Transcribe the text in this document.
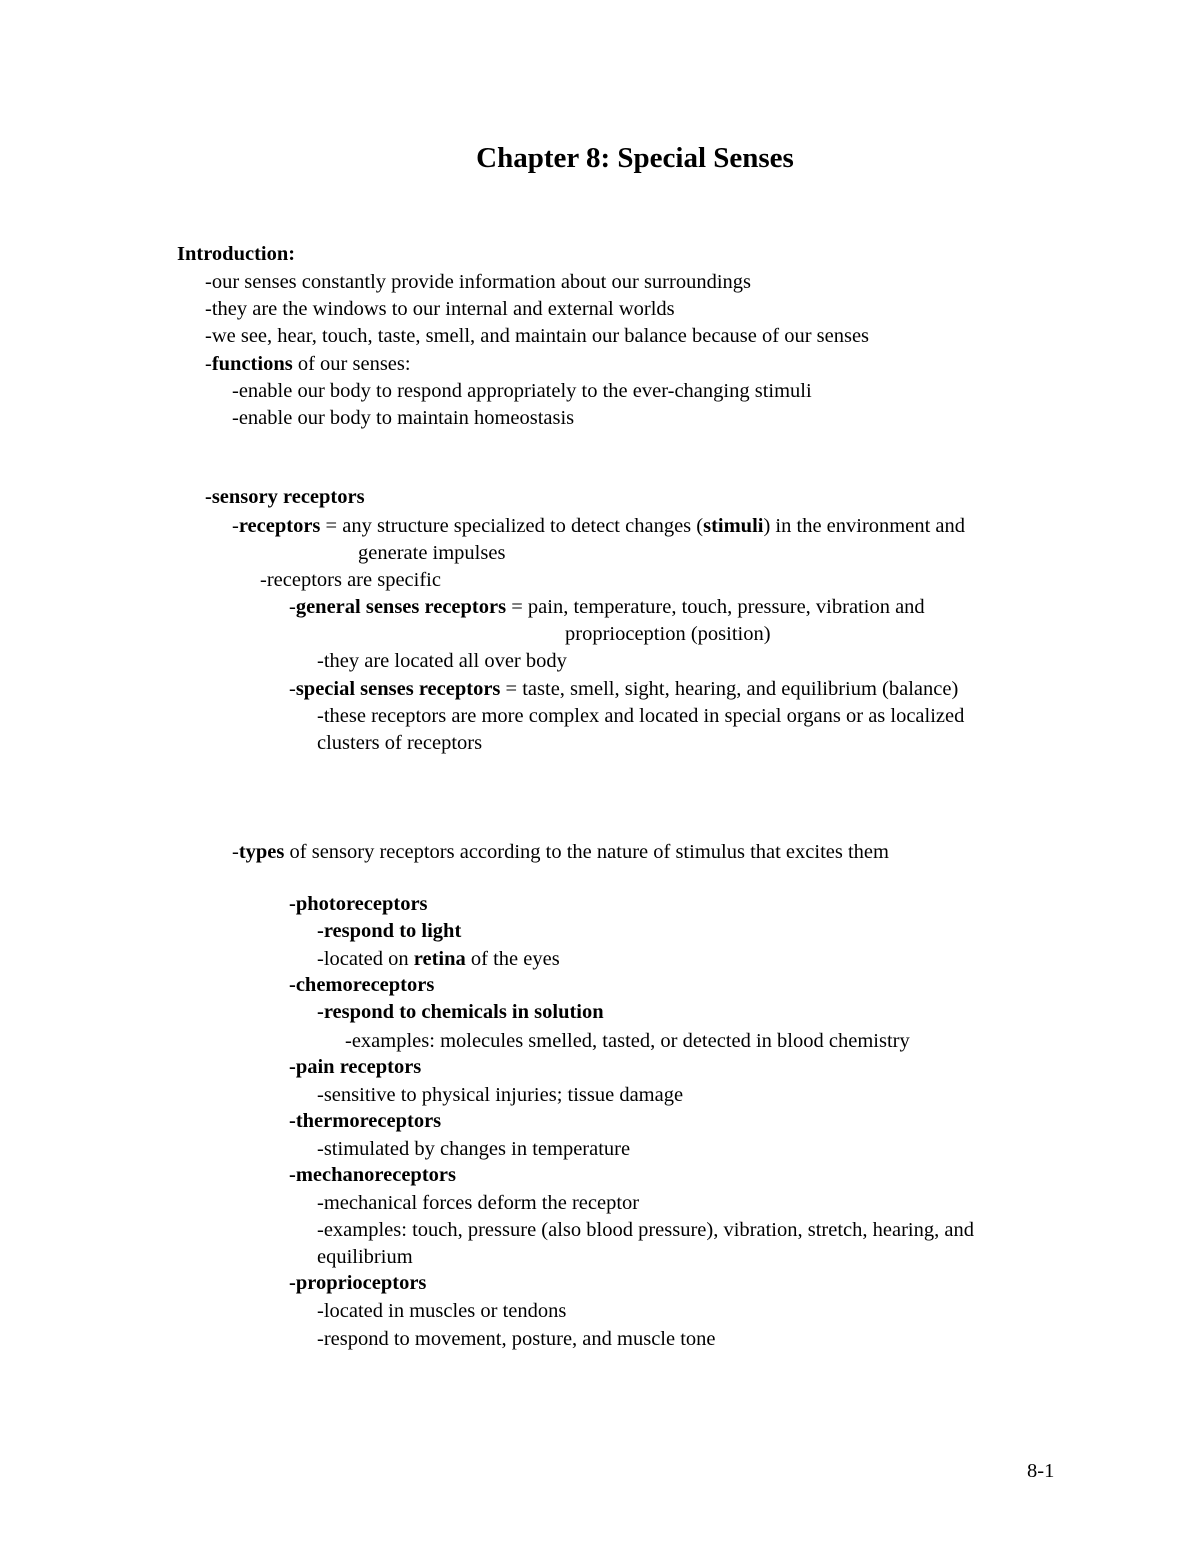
Chapter 8: Special Senses
Introduction:
-our senses constantly provide information about our surroundings
-they are the windows to our internal and external worlds
-we see, hear, touch, taste, smell, and maintain our balance because of our senses
-functions of our senses:
-enable our body to respond appropriately to the ever-changing stimuli
-enable our body to maintain homeostasis
-sensory receptors
-receptors = any structure specialized to detect changes (stimuli) in the environment and
generate impulses
-receptors are specific
-general senses receptors = pain, temperature, touch, pressure, vibration and
proprioception (position)
-they are located all over body
-special senses receptors = taste, smell, sight, hearing, and equilibrium (balance)
-these receptors are more complex and located in special organs or as localized
clusters of receptors
-types of sensory receptors according to the nature of stimulus that excites them
-photoreceptors
-respond to light
-located on retina of the eyes
-chemoreceptors
-respond to chemicals in solution
-examples: molecules smelled, tasted, or detected in blood chemistry
-pain receptors
-sensitive to physical injuries; tissue damage
-thermoreceptors
-stimulated by changes in temperature
-mechanoreceptors
-mechanical forces deform the receptor
-examples: touch, pressure (also blood pressure), vibration, stretch, hearing, and
equilibrium
-proprioceptors
-located in muscles or tendons
-respond to movement, posture, and muscle tone
8-1
